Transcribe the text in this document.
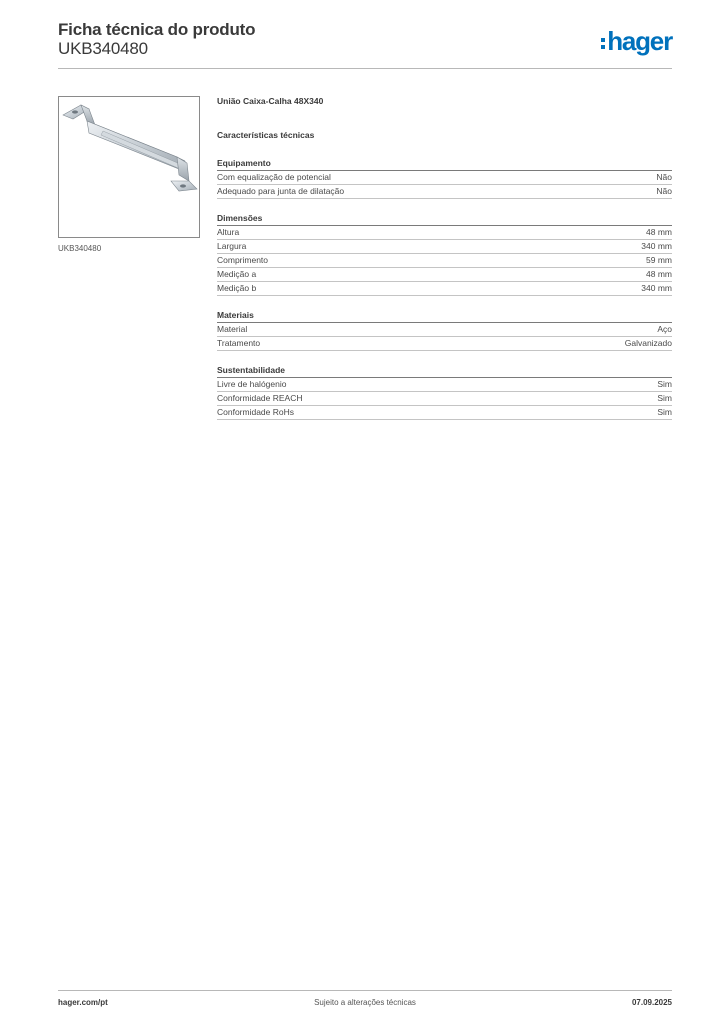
Ficha técnica do produto
UKB340480	hager
UKB340480
União Caixa-Calha 48X340
Características técnicas
Equipamento
Com equalização de potencial	Não
Adequado para junta de dilatação	Não
Dimensões
Altura	48 mm
Largura	340 mm
Comprimento	59 mm
Medição a	48 mm
Medição b	340 mm
Materiais
Material	Aço
Tratamento	Galvanizado
Sustentabilidade
Livre de halógenio	Sim
Conformidade REACH	Sim
Conformidade RoHs	Sim
hager.com/pt	Sujeito a alterações técnicas	07.09.2025
